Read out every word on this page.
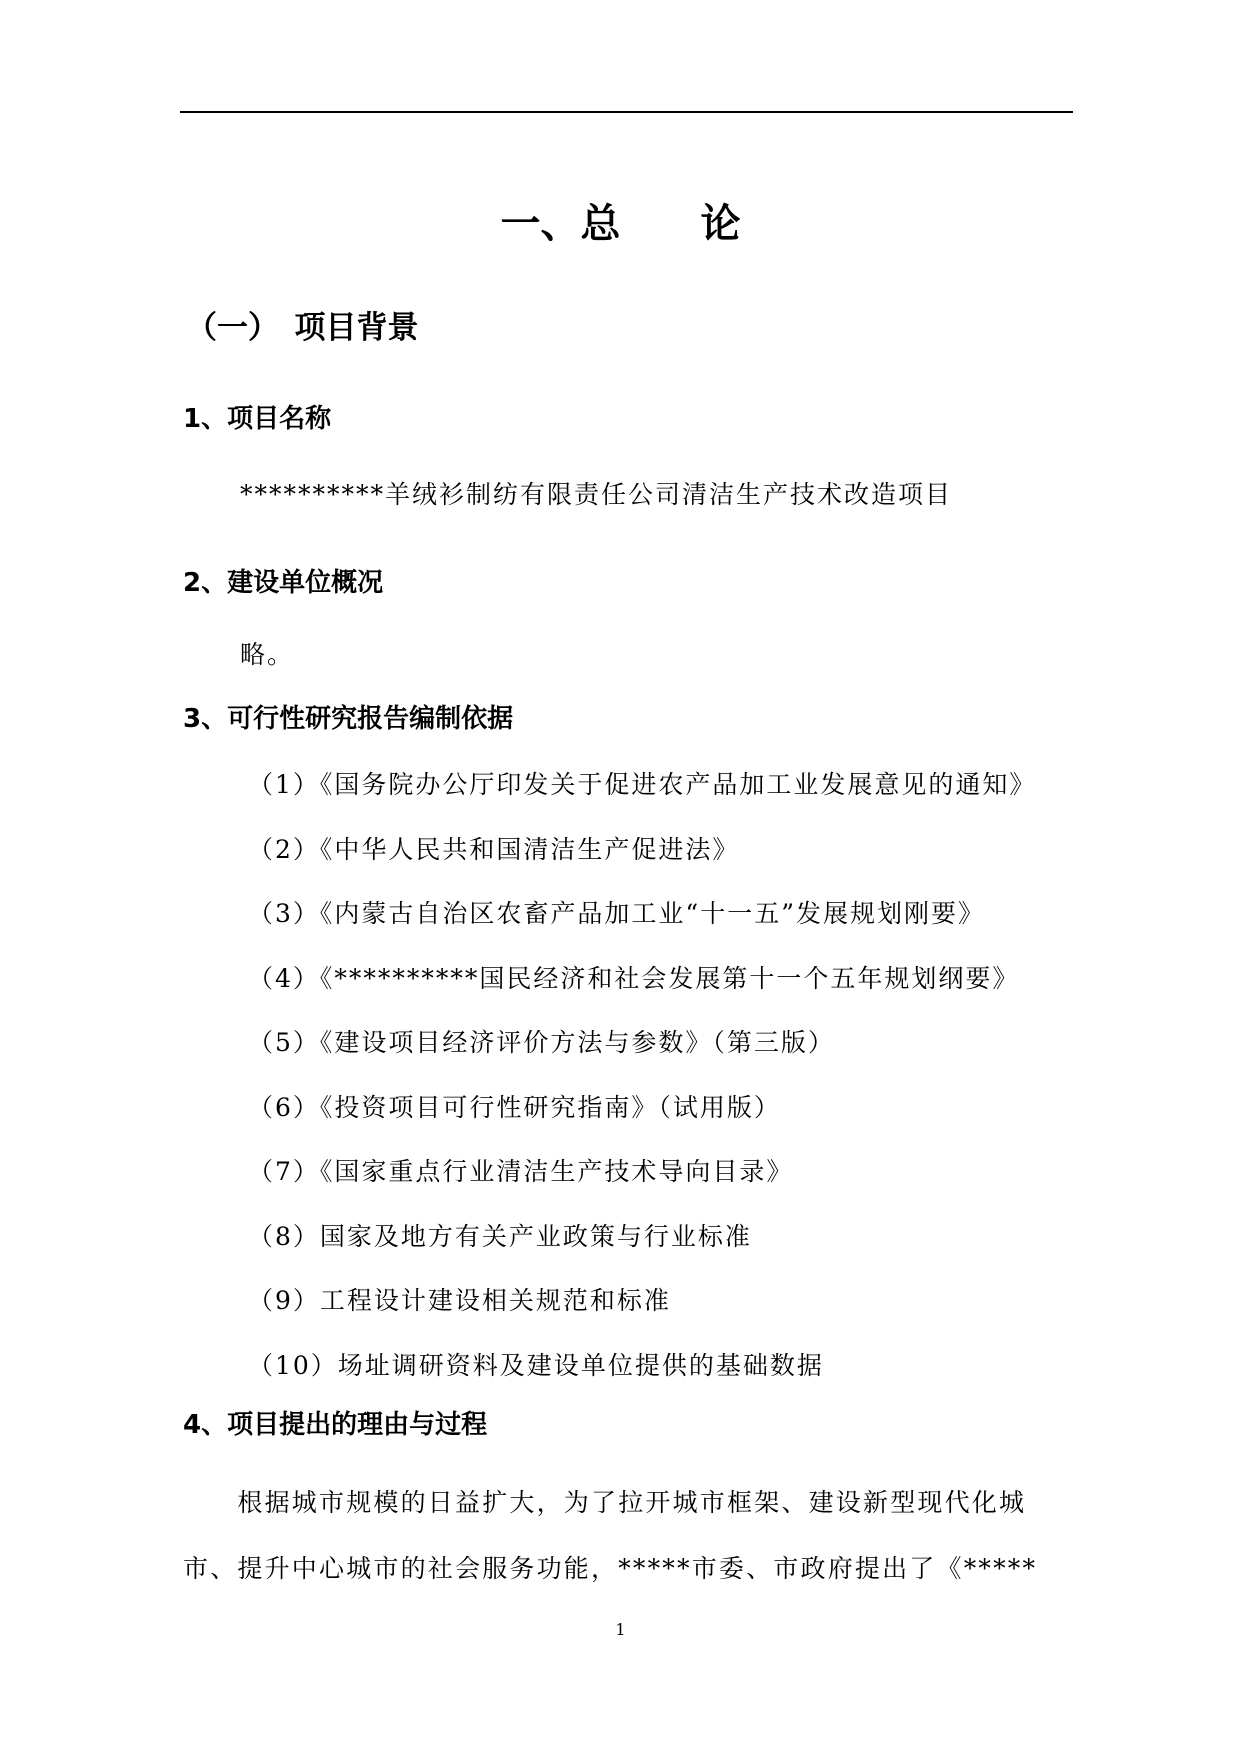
一、总　　论
（一）　项目背景
1、项目名称
**********羊绒衫制纺有限责任公司清洁生产技术改造项目
2、建设单位概况
略。
3、可行性研究报告编制依据
（1）《国务院办公厅印发关于促进农产品加工业发展意见的通知》
（2）《中华人民共和国清洁生产促进法》
（3）《内蒙古自治区农畜产品加工业“十一五”发展规划刚要》
（4）《**********国民经济和社会发展第十一个五年规划纲要》
（5）《建设项目经济评价方法与参数》（第三版）
（6）《投资项目可行性研究指南》（试用版）
（7）《国家重点行业清洁生产技术导向目录》
（8）国家及地方有关产业政策与行业标准
（9）工程设计建设相关规范和标准
（10）场址调研资料及建设单位提供的基础数据
4、项目提出的理由与过程
　　根据城市规模的日益扩大，为了拉开城市框架、建设新型现代化城
市、提升中心城市的社会服务功能，*****市委、市政府提出了《*****
1
